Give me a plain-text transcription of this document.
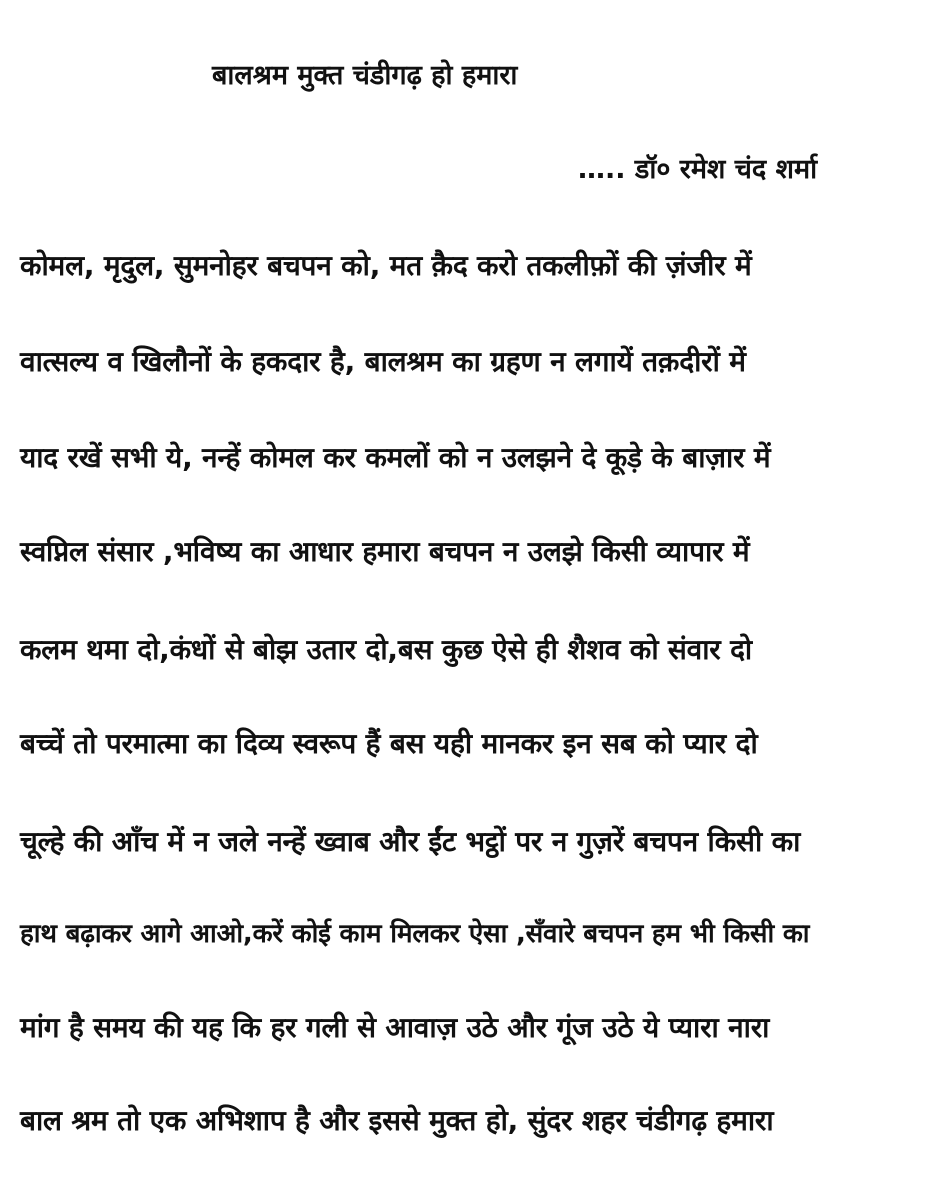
बालश्रम मुक्त चंडीगढ़ हो हमारा
….. डॉ० रमेश चंद शर्मा
कोमल, मृदुल, सुमनोहर बचपन को, मत क़ैद करो तकलीफ़ों की ज़ंजीर में
वात्सल्य व खिलौनों के हकदार है, बालश्रम का ग्रहण न लगायें तक़दीरों में
याद रखें सभी ये, नन्हें कोमल कर कमलों को न उलझने दे कूड़े के बाज़ार में
स्वप्निल संसार ,भविष्य का आधार हमारा बचपन न उलझे किसी व्यापार में
कलम थमा दो,कंधों से बोझ उतार दो,बस कुछ ऐसे ही शैशव को संवार दो
बच्चें तो परमात्मा का दिव्य स्वरूप हैं बस यही मानकर इन सब को प्यार दो
चूल्हे की आँच में न जले नन्हें ख्वाब और ईंट भट्ठों पर न गुज़रें बचपन किसी का
हाथ बढ़ाकर आगे आओ,करें कोई काम मिलकर ऐसा ,सँवारे बचपन हम भी किसी का
मांग है समय की यह कि हर गली से आवाज़ उठे और गूंज उठे ये प्यारा नारा
बाल श्रम तो एक अभिशाप है और इससे मुक्त हो, सुंदर शहर चंडीगढ़ हमारा
